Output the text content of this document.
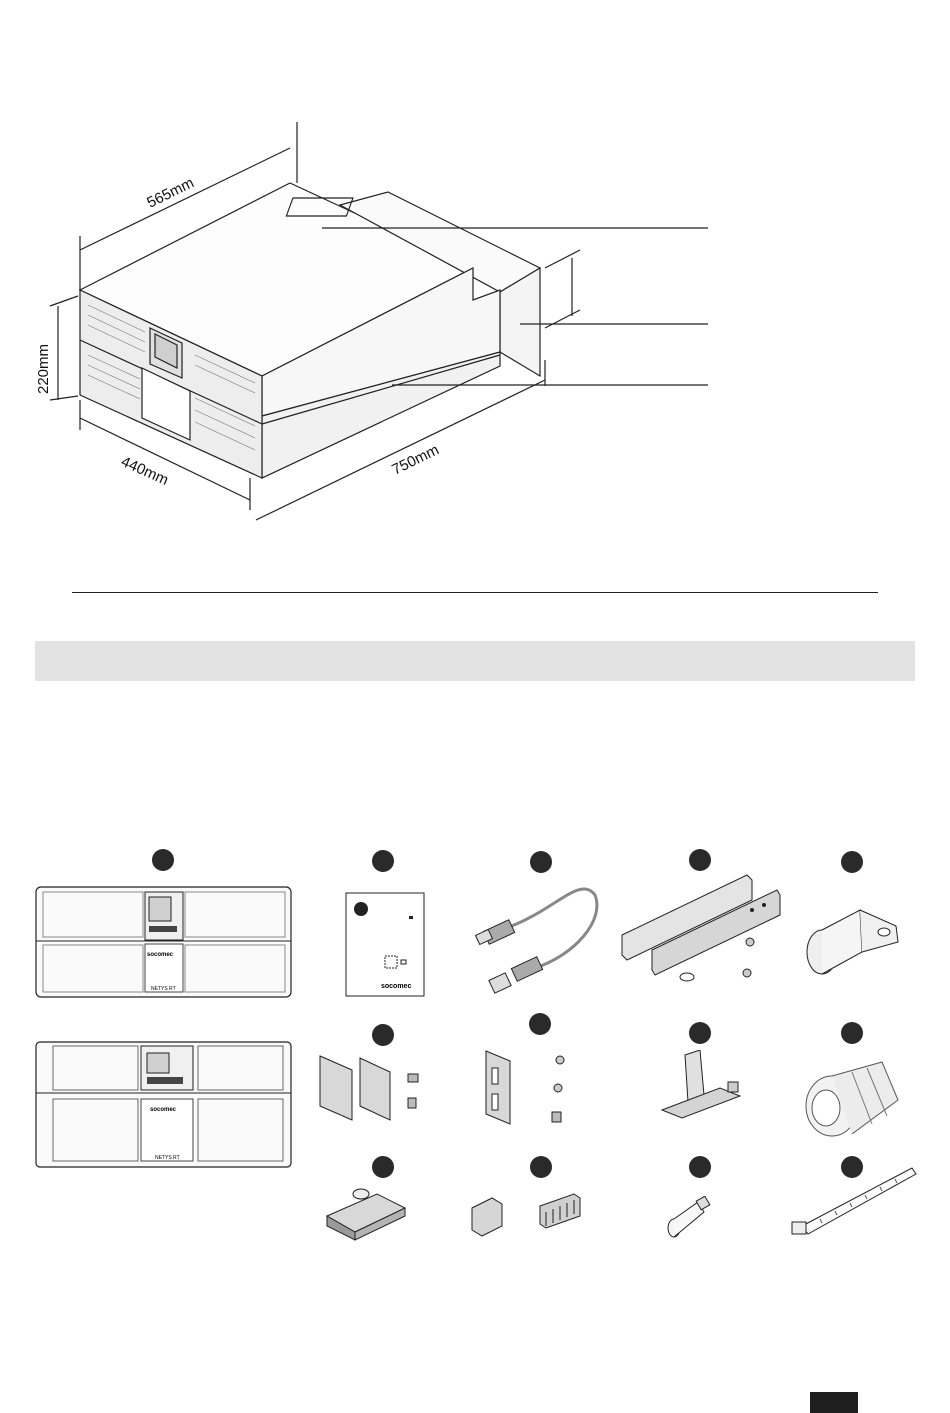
565mm
220mm
440mm	750mm
socomec
NETYS RT
socomec
NETYS RT
socomec
